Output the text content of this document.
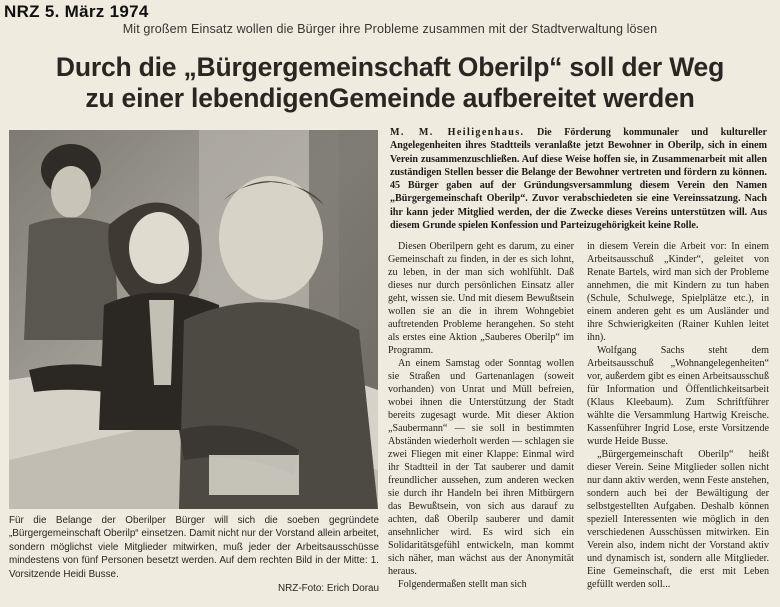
NRZ 5. März 1974
Mit großem Einsatz wollen die Bürger ihre Probleme zusammen mit der Stadtverwaltung lösen
Durch die „Bürgergemeinschaft Oberilp“ soll der Weg
zu einer lebendigenGemeinde aufbereitet werden
Für die Belange der Oberilper Bürger will sich die soeben gegründete „Bürgergemeinschaft Oberilp“ einsetzen. Damit nicht nur der Vorstand allein arbeitet, sondern möglichst viele Mitglieder mitwirken, muß jeder der Arbeitsausschüsse mindestens von fünf Personen besetzt werden. Auf dem rechten Bild in der Mitte: 1. Vorsitzende Heidi Busse.
NRZ-Foto: Erich Dorau
M. M. Heiligenhaus. Die Förderung kommunaler und kultureller Angelegenheiten ihres Stadtteils veranlaßte jetzt Bewohner in Oberilp, sich in einem Verein zusammenzuschließen. Auf diese Weise hoffen sie, in Zusammenarbeit mit allen zuständigen Stellen besser die Belange der Bewohner vertreten und fördern zu können. 45 Bürger gaben auf der Gründungsversammlung diesem Verein den Namen „Bürgergemeinschaft Oberilp“. Zuvor verabschiedeten sie eine Vereinssatzung. Nach ihr kann jeder Mitglied werden, der die Zwecke dieses Vereins unterstützen will. Aus diesem Grunde spielen Konfession und Parteizugehörigkeit keine Rolle.

Diesen Oberilpern geht es darum, zu einer Gemeinschaft zu finden, in der es sich lohnt, zu leben, in der man sich wohlfühlt. Daß dieses nur durch persönlichen Einsatz aller geht, wissen sie. Und mit diesem Bewußtsein wollen sie an die in ihrem Wohngebiet auftretenden Probleme herangehen. So steht als erstes eine Aktion „Sauberes Oberilp“ im Programm.

An einem Samstag oder Sonntag wollen sie Straßen und Gartenanlagen (soweit vorhanden) von Unrat und Müll befreien, wobei ihnen die Unterstützung der Stadt bereits zugesagt wurde. Mit dieser Aktion „Saubermann“ — sie soll in bestimmten Abständen wiederholt werden — schlagen sie zwei Fliegen mit einer Klappe: Einmal wird ihr Stadtteil in der Tat sauberer und damit freundlicher aussehen, zum anderen wecken sie durch ihr Handeln bei ihren Mitbürgern das Bewußtsein, von sich aus darauf zu achten, daß Oberilp sauberer und damit ansehnlicher wird. Es wird sich ein Solidaritätsgefühl entwickeln, man kommt sich näher, man wächst aus der Anonymität heraus.

Folgendermaßen stellt man sich

in diesem Verein die Arbeit vor: In einem Arbeitsausschuß „Kinder“, geleitet von Renate Bartels, wird man sich der Probleme annehmen, die mit Kindern zu tun haben (Schule, Schulwege, Spielplätze etc.), in einem anderen geht es um Ausländer und ihre Schwierigkeiten (Rainer Kuhlen leitet ihn).

Wolfgang Sachs steht dem Arbeitsausschuß „Wohnangelegenheiten“ vor, außerdem gibt es einen Arbeitsausschuß für Information und Öffentlichkeitsarbeit (Klaus Kleebaum). Zum Schriftführer wählte die Versammlung Hartwig Kreische. Kassenführer Ingrid Lose, erste Vorsitzende wurde Heide Busse.

„Bürgergemeinschaft Oberilp“ heißt dieser Verein. Seine Mitglieder sollen nicht nur dann aktiv werden, wenn Feste anstehen, sondern auch bei der Bewältigung der selbstgestellten Aufgaben. Deshalb können speziell Interessenten wie möglich in den verschiedenen Ausschüssen mitwirken. Ein Verein also, indem nicht der Vorstand aktiv und dynamisch ist, sondern alle Mitglieder. Eine Gemeinschaft, die erst mit Leben gefüllt werden soll...
